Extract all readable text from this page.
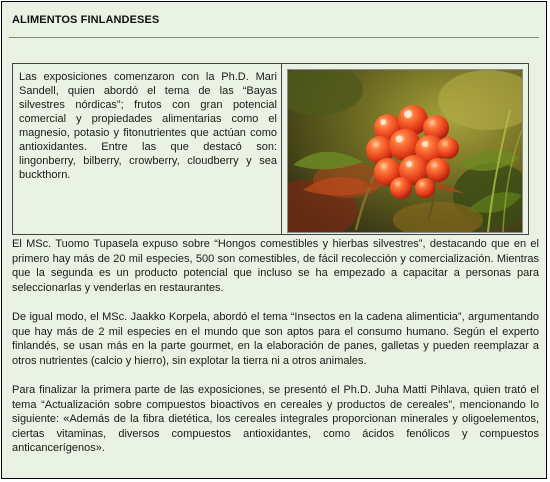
ALIMENTOS FINLANDESES
Las exposiciones comenzaron con la Ph.D. Mari Sandell, quien abordó el tema de las “Bayas silvestres nórdicas”; frutos con gran potencial comercial y propiedades alimentarias como el magnesio, potasio y fitonutrientes que actúan como antioxidantes. Entre las que destacó son: lingonberry, bilberry, crowberry, cloudberry y sea buckthorn.
El MSc. Tuomo Tupasela expuso sobre “Hongos comestibles y hierbas silvestres”, destacando que en el primero hay más de 20 mil especies, 500 son comestibles, de fácil recolección y comercialización. Mientras que la segunda es un producto potencial que incluso se ha empezado a capacitar a personas para seleccionarlas y venderlas en restaurantes.
De igual modo, el MSc. Jaakko Korpela, abordó el tema “Insectos en la cadena alimenticia”, argumentando que hay más de 2 mil especies en el mundo que son aptos para el consumo humano. Según el experto finlandés, se usan más en la parte gourmet, en la elaboración de panes, galletas y pueden reemplazar a otros nutrientes (calcio y hierro), sin explotar la tierra ni a otros animales.
Para finalizar la primera parte de las exposiciones, se presentó el Ph.D. Juha Matti Pihlava, quien trató el tema “Actualización sobre compuestos bioactivos en cereales y productos de cereales”, mencionando lo siguiente: «Además de la fibra dietética, los cereales integrales proporcionan minerales y oligoelementos, ciertas vitaminas, diversos compuestos antioxidantes, como ácidos fenólicos y compuestos anticancerígenos».
